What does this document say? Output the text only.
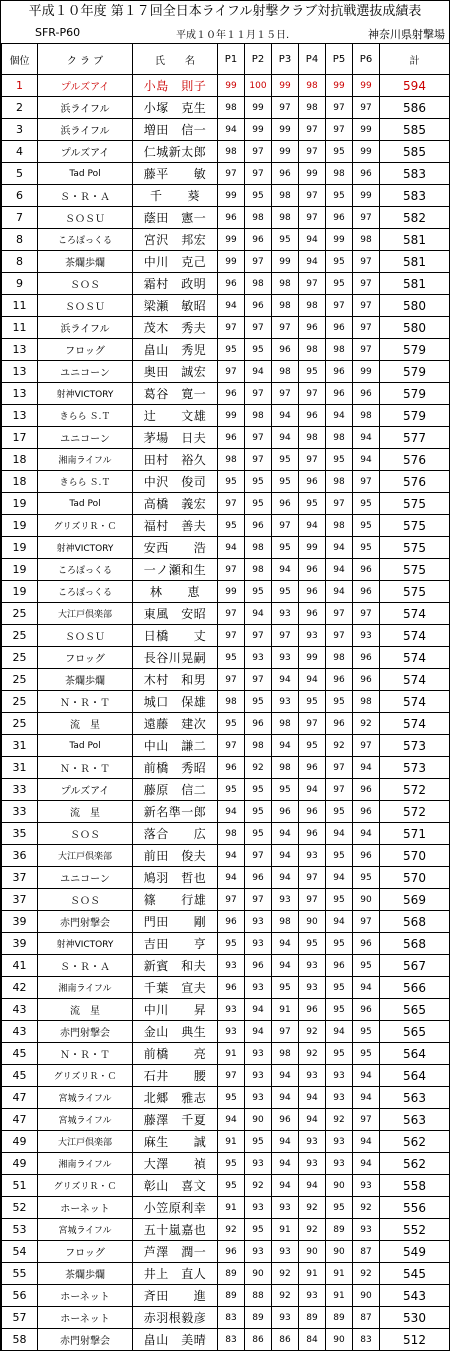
平成１０年度 第１７回全日本ライフル射撃クラブ対抗戦選抜成績表
SFR-P60	平成１０年１１月１５日.	神奈川県射撃場
個位	ク ラ ブ	氏　　名	P1	P2	P3	P4	P5	P6	計
1	プルズアイ	小島　則子	99	100	99	98	99	99	594
2	浜ライフル	小塚　克生	98	99	97	98	97	97	586
3	浜ライフル	増田　信一	94	99	99	97	97	99	585
4	プルズアイ	仁城新太郎	98	97	99	97	95	99	585
5	Tad Pol	藤平　　敏	97	97	96	99	98	96	583
6	Ｓ・Ｒ・Ａ	千　　葵	99	95	98	97	95	99	583
7	ＳＯＳＵ	蔭田　憲一	96	98	98	97	96	97	582
8	ころぽっくる	宮沢　邦宏	99	96	95	94	99	98	581
8	茶爛歩爛	中川　克己	99	97	99	94	95	97	581
9	ＳＯＳ	霜村　政明	96	98	98	97	95	97	581
11	ＳＯＳＵ	梁瀬　敏昭	94	96	98	98	97	97	580
11	浜ライフル	茂木　秀夫	97	97	97	96	96	97	580
13	フロッグ	畠山　秀児	95	95	96	98	98	97	579
13	ユニコーン	奥田　誠宏	97	94	98	95	96	99	579
13	射神VICTORY	葛谷　寛一	96	97	97	97	96	96	579
13	きらら Ｓ.Ｔ	辻　　文雄	99	98	94	96	94	98	579
17	ユニコーン	茅場　日夫	96	97	94	98	98	94	577
18	湘南ライフル	田村　裕久	98	97	95	97	95	94	576
18	きらら Ｓ.Ｔ	中沢　俊司	95	95	95	96	98	97	576
19	Tad Pol	高橋　義宏	97	95	96	95	97	95	575
19	グリズリＲ・Ｃ	福村　善夫	95	96	97	94	98	95	575
19	射神VICTORY	安西　　浩	94	98	95	99	94	95	575
19	ころぽっくる	一ノ瀬和生	97	98	94	96	94	96	575
19	ころぽっくる	林　　恵	99	95	95	96	94	96	575
25	大江戸倶楽部	東風　安昭	97	94	93	96	97	97	574
25	ＳＯＳＵ	日橋　　丈	97	97	97	93	97	93	574
25	フロッグ	長谷川晃嗣	95	93	93	99	98	96	574
25	茶爛歩爛	木村　和男	97	97	94	94	96	96	574
25	Ｎ・Ｒ・Ｔ	城口　保雄	98	95	93	95	95	98	574
25	流　星	遠藤　建次	95	96	98	97	96	92	574
31	Tad Pol	中山　謙二	97	98	94	95	92	97	573
31	Ｎ・Ｒ・Ｔ	前橋　秀昭	96	92	98	96	97	94	573
33	プルズアイ	藤原　信二	95	95	95	94	97	96	572
33	流　星	新名準一郎	94	95	96	96	95	96	572
35	ＳＯＳ	落合　　広	98	95	94	96	94	94	571
36	大江戸倶楽部	前田　俊夫	94	97	94	93	95	96	570
37	ユニコーン	鳩羽　哲也	94	96	94	97	94	95	570
37	ＳＯＳ	篠　　行雄	97	97	93	97	95	90	569
39	赤門射撃会	門田　　剛	96	93	98	90	94	97	568
39	射神VICTORY	吉田　　亨	95	93	94	95	95	96	568
41	Ｓ・Ｒ・Ａ	新賓　和夫	93	96	94	93	96	95	567
42	湘南ライフル	千葉　宣夫	96	93	95	93	95	94	566
43	流　星	中川　　昇	93	94	91	96	95	96	565
43	赤門射撃会	金山　典生	93	94	97	92	94	95	565
45	Ｎ・Ｒ・Ｔ	前橋　　亮	91	93	98	92	95	95	564
45	グリズリＲ・Ｃ	石井　　腰	97	93	94	93	93	94	564
47	宮城ライフル	北郷　雅志	95	93	94	94	93	94	563
47	宮城ライフル	藤澤　千夏	94	90	96	94	92	97	563
49	大江戸倶楽部	麻生　　誠	91	95	94	93	93	94	562
49	湘南ライフル	大澤　　禎	95	93	94	93	93	94	562
51	グリズリＲ・Ｃ	彰山　喜文	95	92	94	94	90	93	558
52	ホーネット	小笠原利幸	91	93	93	92	95	92	556
53	宮城ライフル	五十嵐嘉也	92	95	91	92	89	93	552
54	フロッグ	芦澤　潤一	96	93	93	90	90	87	549
55	茶爛歩爛	井上　直人	89	90	92	91	91	92	545
56	ホーネット	斉田　　進	89	88	92	93	91	90	543
57	ホーネット	赤羽根毅彦	83	89	93	89	89	87	530
58	赤門射撃会	畠山　美晴	83	86	86	84	90	83	512
